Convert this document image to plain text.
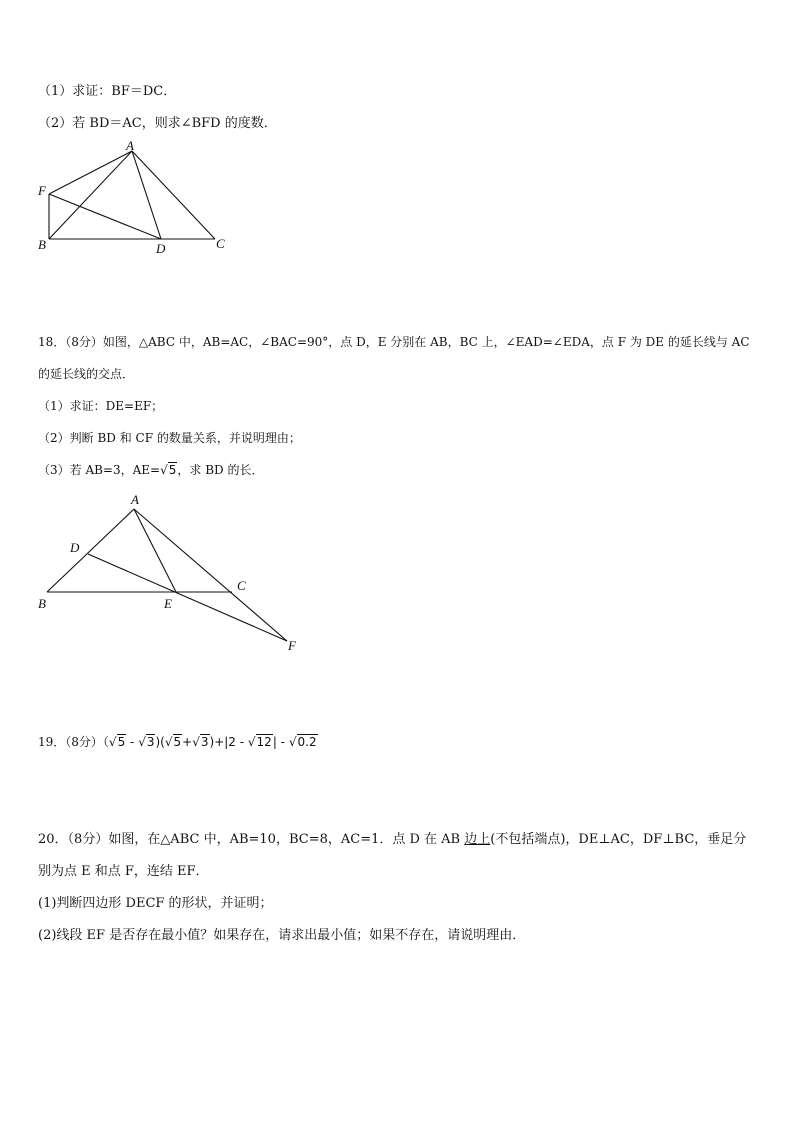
（1）求证：BF＝DC．
（2）若 BD＝AC，则求∠BFD 的度数．
A
F
B	D	C
18．（8分）如图，△ABC 中，AB=AC，∠BAC=90°，点 D，E 分别在 AB，BC 上，∠EAD=∠EDA，点 F 为 DE 的延长线与 AC
的延长线的交点．
（1）求证：DE=EF；
（2）判断 BD 和 CF 的数量关系，并说明理由；
（3）若 AB=3，AE=√5，求 BD 的长．
A
D
B	E
C
F
19．（8分）（√5 - √3)(√5+√3)+|2 - √12| - √0.2
20．（8分）如图，在△ABC 中，AB=10，BC=8，AC=1．点 D 在 AB 边上(不包括端点)，DE⊥AC，DF⊥BC，垂足分
别为点 E 和点 F，连结 EF．
(1)判断四边形 DECF 的形状，并证明；
(2)线段 EF 是否存在最小值？如果存在，请求出最小值；如果不存在，请说明理由．
